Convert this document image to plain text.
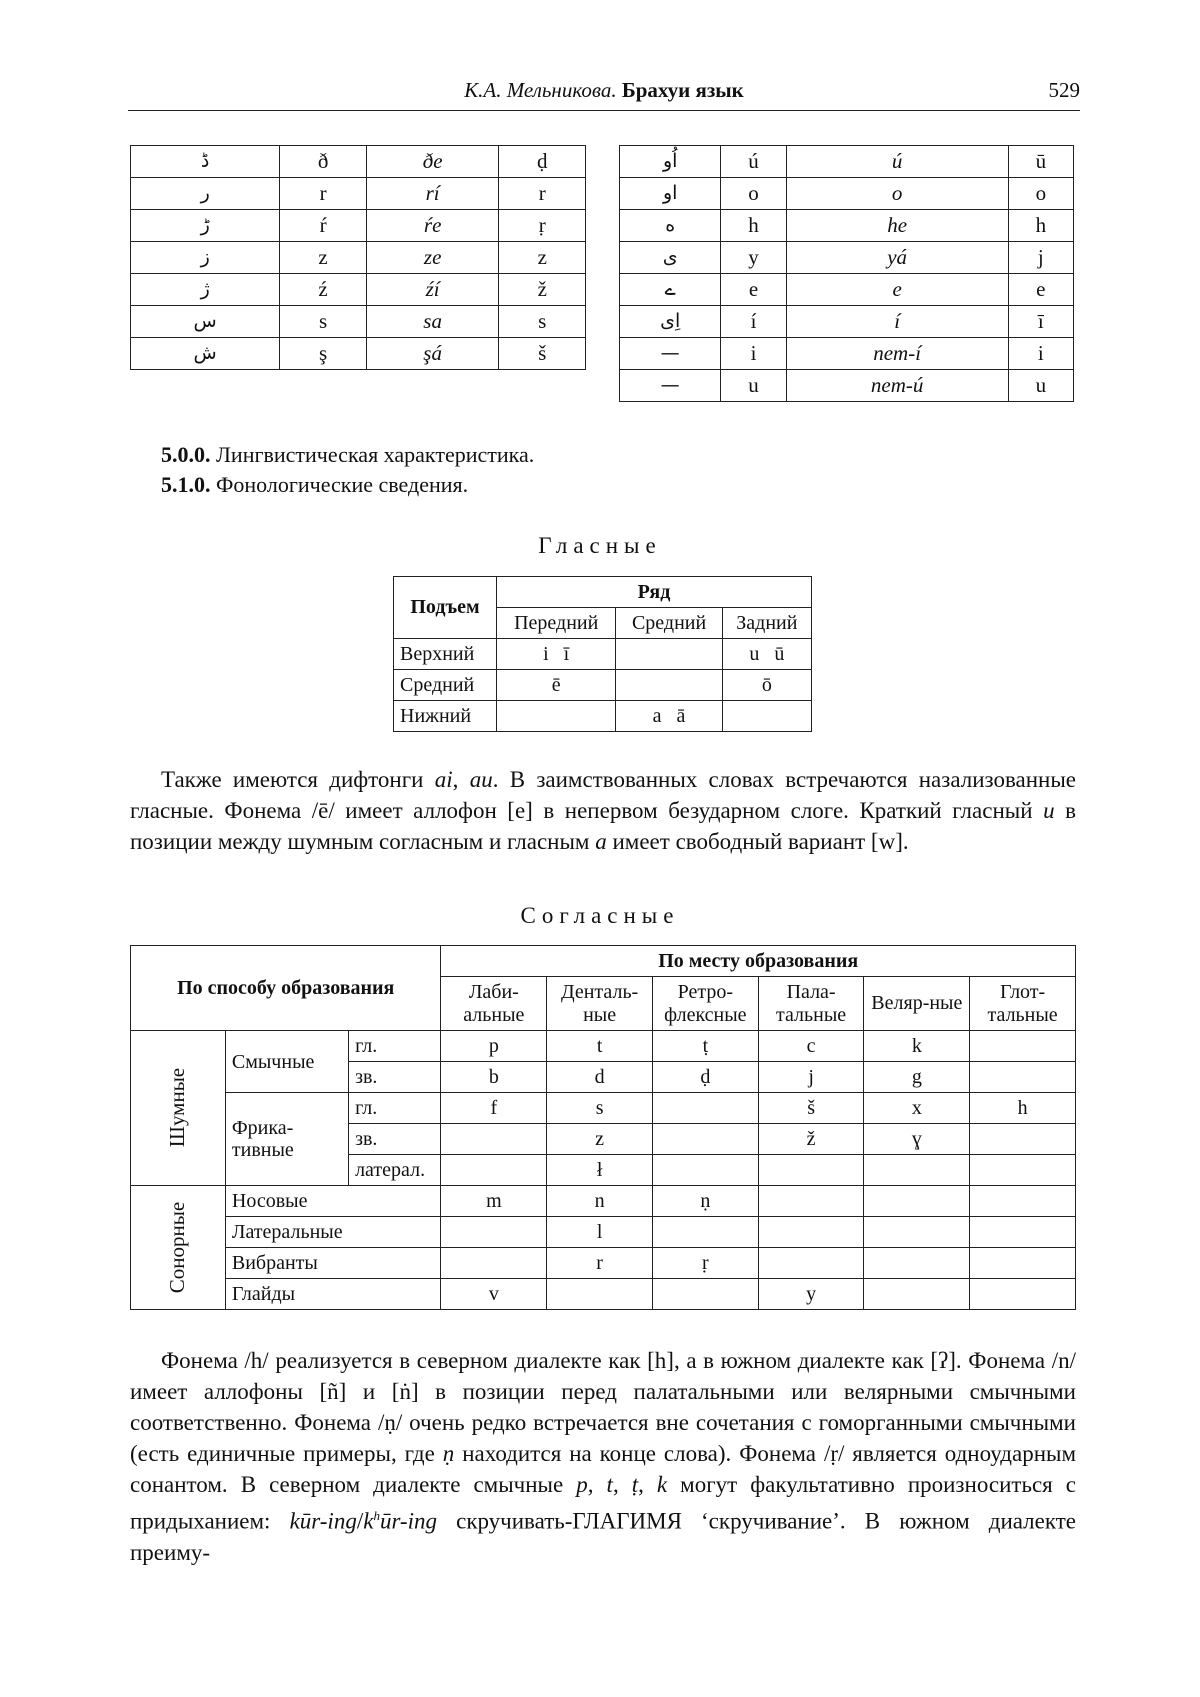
К.А. Мельникова. Брахуи язык	529
ڈ	ð	ðe	ḍ
ر	r	rí	r
ڑ	ŕ	ŕe	ṛ
ز	z	ze	z
ژ	ź	źí	ž
س	s	sa	s
ش	ş	şá	š
اُو	ú	ú	ū
او	o	o	o
ه	h	he	h
ی	y	yá	j
ے	e	e	e
اِی	í	í	ī
—	i	nem-í	i
—	u	nem-ú	u
5.0.0. Лингвистическая характеристика.
5.1.0. Фонологические сведения.
Гласные
Подъем	Ряд		
	Передний	Средний	Задний
Верхний	i   ī		u   ū
Средний	ē		ō
Нижний		a   ā	

Также имеются дифтонги ai, au. В заимствованных словах встречаются назализованные гласные. Фонема /ē/ имеет аллофон [e] в непервом безударном слоге. Краткий гласный u в позиции между шумным согласным и гласным a имеет свободный вариант [w].

Согласные
По способу образования			По месту образования					
			Лаби-альные	Денталь-ные	Ретро-флексные	Пала-тальные	Веляр-ные	Глот-тальные
Шумные	Смычные	гл.	p	t	ṭ	c	k	
		зв.	b	d	ḍ	j	g	
	Фрика-тивные	гл.	f	s		š	x	h
		зв.		z		ž	ɣ	
		латерал.		ł				
Сонорные	Носовые		m	n	ṇ			
	Латеральные			l				
	Вибранты			r	ṛ			
	Глайды		v			y		

Фонема /h/ реализуется в северном диалекте как [h], а в южном диалекте как [ʔ]. Фонема /n/ имеет аллофоны [ñ] и [ṅ] в позиции перед палатальными или велярными смычными соответственно. Фонема /ṇ/ очень редко встречается вне сочетания с гоморганными смычными (есть единичные примеры, где ṇ находится на конце слова). Фонема /ṛ/ является одноударным сонантом. В северном диалекте смычные p, t, ṭ, k могут факультативно произноситься с придыханием: kūr-$ing/k^hūr$-ing скручивать-ГЛАГИМЯ ‘скручивание’. В южном диалекте преиму-
